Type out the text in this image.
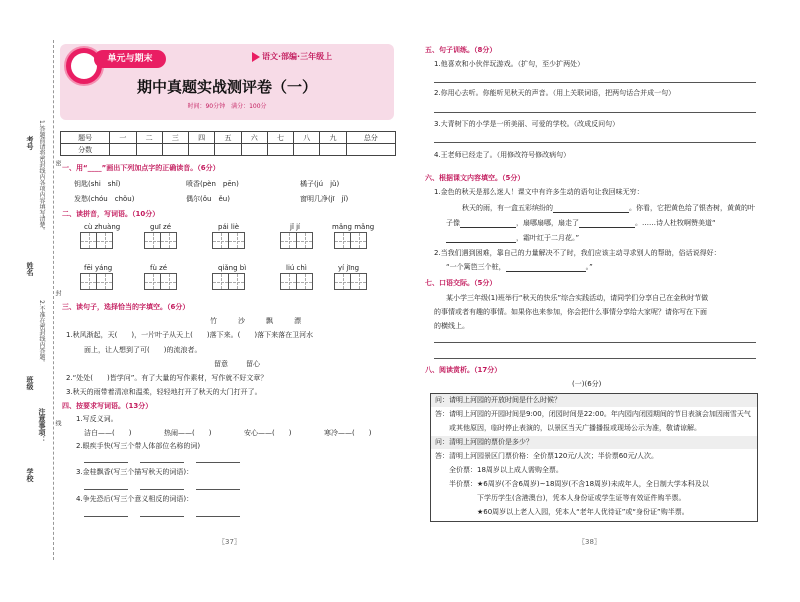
考号
姓名
班级
学校
1.答题前请将密封线内各项内容填写清楚。
2.不准在密封线内答题。
注意事项：
密
封
线
单元与期末	语文·部编·三年级上
期中真题实战测评卷（一）
时间：90分钟　满分：100分
题号	一	二	三	四	五	六	七	八	九	总分
分数										
一、用“____”画出下列加点字的正确读音。（6分）
钥匙(shi　shǐ)	喷香(pèn　pēn)	橘子(jú　jǔ)
发愁(chóu　chǒu)	偶尔(ǒu　ěu)	窗明几净(jī　jǐ)
二、读拼音，写词语。（10分）
cù zhuàng	guī zé	pái liè	jǐ jí	mǎng mǎng
fēi yáng	fù zé	qiǎng bì	liú chì	yí jīng
三、读句子，选择恰当的字填空。（6分）
竹	沙	飘	漂
1.秋风渐起，天(　　)，一片叶子从天上(　　)落下来。(　　)落下来落在卫河水
面上，让人想到了可(　　)的流浪者。
留意	留心
2.“处处(　　)皆学问”。有了大量的写作素材，写作就不好文章？
3.秋天的雨带着清凉和温柔，轻轻地打开了秋天的大门打开了。
四、按要求写词语。（13分）
1.写反义词。
洁白——(　　)	热闹——(　　)	安心——(　　)	寒冷——(　　)
2.眼疾手快(写三个带人体部位名称的词)
3.金桂飘香(写三个描写秋天的词语)：
4.争先恐后(写三个意义相反的词语)：
〖37〗
五、句子训练。（8分）
1.他喜欢和小伙伴玩游戏。（扩句，至少扩两处）
2.你用心去听。你能听见秋天的声音。（用上关联词语，把两句话合并成一句）
3.大青树下的小学是一所美丽、可爱的学校。（改成反问句）
4.王老师已经走了。（用修改符号修改病句）
六、根据课文内容填空。（5分）
1.金色的秋天是那么迷人！课文中有许多生动的语句让我回味无穷：
秋天的雨，有一盒五彩缤纷的	。你看，它把黄色给了银杏树，黄黄的叶
子像	，扇哪扇哪，扇走了	。……诗人杜牧啊赞美道“
，霜叶红于二月花。”
2.当我们遇到困难，靠自己的力量解决不了时，我们应该主动寻求别人的帮助，俗话说得好：
“一个篱笆三个桩，	。”
七、口语交际。（5分）
某小学三年级(1)班举行“秋天的快乐”综合实践活动，请同学们分享自己在金秋时节做
的事情或者有趣的事情。如果你也来参加，你会把什么事情分享给大家呢？请你写在下面
的横线上。
八、阅读赏析。（17分）
(一)(6分)
问：请明上河园的开放时间是什么时候？
答：请明上河园的开园时间是9:00，闭园时间是22:00。年内园内闭园期间的节目表演会加因雨雪天气
　　或其他原因，临时停止表演的，以景区当天广播播报或现场公示为准，敬请谅解。
问：清明上河园的票价是多少？
答：清明上河园景区门票价格：全价票120元/人次；半价票60元/人次。
　　全价票：18周岁以上成人需购全票。
　　半价票：★6周岁(不含6周岁)~18周岁(不含18周岁)未成年人，全日制大学本科及以
　　　　　　下学历学生(含港澳台)，凭本人身份证或学生证等有效证件购半票。
　　　　　　★60周岁以上老人入园，凭本人“老年人优待证”或“身份证”购半票。
〖38〗
